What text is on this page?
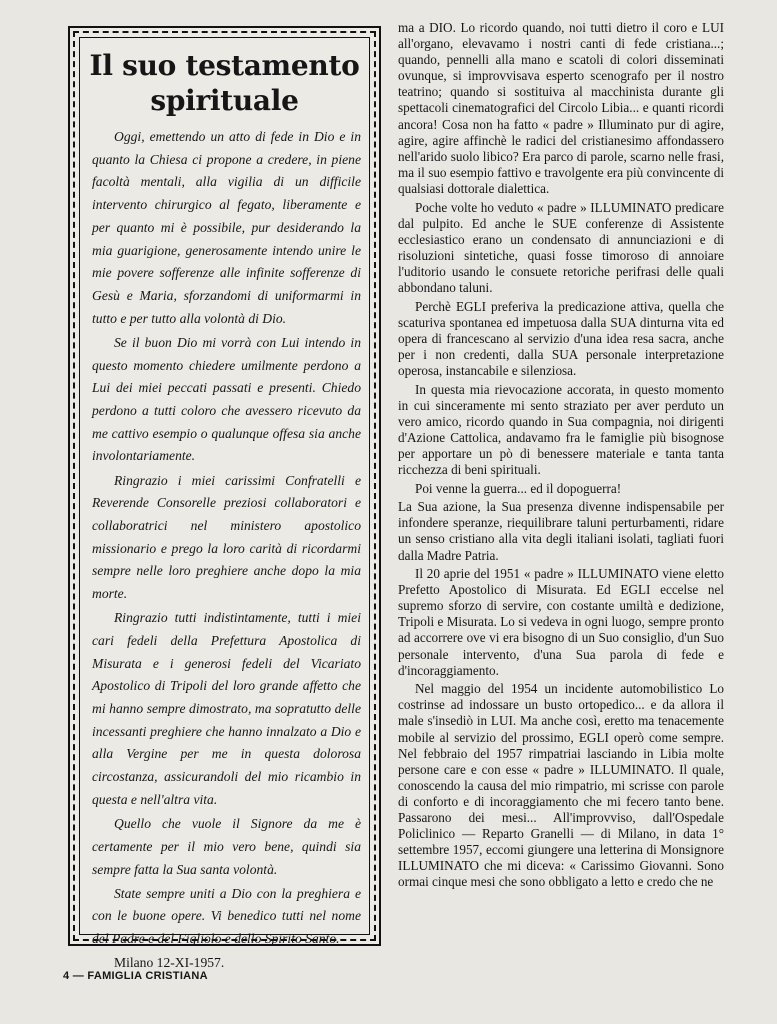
Il suo testamento spirituale

Oggi, emettendo un atto di fede in Dio e in quanto la Chiesa ci propone a credere, in piene facoltà mentali, alla vigilia di un difficile intervento chirurgico al fegato, liberamente e per quanto mi è possibile, pur desiderando la mia guarigione, generosamente intendo unire le mie povere sofferenze alle infinite sofferenze di Gesù e Maria, sforzandomi di uniformarmi in tutto e per tutto alla volontà di Dio.

Se il buon Dio mi vorrà con Lui intendo in questo momento chiedere umilmente perdono a Lui dei miei peccati passati e presenti. Chiedo perdono a tutti coloro che avessero ricevuto da me cattivo esempio o qualunque offesa sia anche involontariamente.

Ringrazio i miei carissimi Confratelli e Reverende Consorelle preziosi collaboratori e collaboratrici nel ministero apostolico missionario e prego la loro carità di ricordarmi sempre nelle loro preghiere anche dopo la mia morte.

Ringrazio tutti indistintamente, tutti i miei cari fedeli della Prefettura Apostolica di Misurata e i generosi fedeli del Vicariato Apostolico di Tripoli del loro grande affetto che mi hanno sempre dimostrato, ma sopratutto delle incessanti preghiere che hanno innalzato a Dio e alla Vergine per me in questa dolorosa circostanza, assicurandoli del mio ricambio in questa e nell'altra vita.

Quello che vuole il Signore da me è certamente per il mio vero bene, quindi sia sempre fatta la Sua santa volontà.

State sempre uniti a Dio con la preghiera e con le buone opere. Vi benedico tutti nel nome del Padre e del Figliolo e dello Spirito Santo.

Milano 12-XI-1957.

ma a DIO. Lo ricordo quando, noi tutti dietro il coro e LUI all'organo, elevavamo i nostri canti di fede cristiana...; quando, pennelli alla mano e scatoli di colori disseminati ovunque, si improvvisava esperto scenografo per il nostro teatrino; quando si sostituiva al macchinista durante gli spettacoli cinematografici del Circolo Libia... e quanti ricordi ancora! Cosa non ha fatto « padre » Illuminato pur di agire, agire, agire affinchè le radici del cristianesimo affondassero nell'arido suolo libico? Era parco di parole, scarno nelle frasi, ma il suo esempio fattivo e travolgente era più convincente di qualsiasi dottorale dialettica.

Poche volte ho veduto « padre » ILLUMINATO predicare dal pulpito. Ed anche le SUE conferenze di Assistente ecclesiastico erano un condensato di annunciazioni e di risoluzioni sintetiche, quasi fosse timoroso di annoiare l'uditorio usando le consuete retoriche perifrasi delle quali abbondano taluni.

Perchè EGLI preferiva la predicazione attiva, quella che scaturiva spontanea ed impetuosa dalla SUA dinturna vita ed opera di francescano al servizio d'una idea resa sacra, anche per i non credenti, dalla SUA personale interpretazione operosa, instancabile e silenziosa.

In questa mia rievocazione accorata, in questo momento in cui sinceramente mi sento straziato per aver perduto un vero amico, ricordo quando in Sua compagnia, noi dirigenti d'Azione Cattolica, andavamo fra le famiglie più bisognose per apportare un pò di benessere materiale e tanta tanta ricchezza di beni spirituali.

Poi venne la guerra... ed il dopoguerra!

La Sua azione, la Sua presenza divenne indispensabile per infondere speranze, riequilibrare taluni perturbamenti, ridare un senso cristiano alla vita degli italiani isolati, tagliati fuori dalla Madre Patria.

Il 20 aprie del 1951 « padre » ILLUMINATO viene eletto Prefetto Apostolico di Misurata. Ed EGLI eccelse nel supremo sforzo di servire, con costante umiltà e dedizione, Tripoli e Misurata. Lo si vedeva in ogni luogo, sempre pronto ad accorrere ove vi era bisogno di un Suo consiglio, d'un Suo personale intervento, d'una Sua parola di fede e d'incoraggiamento.

Nel maggio del 1954 un incidente automobilistico Lo costrinse ad indossare un busto ortopedico... e da allora il male s'insediò in LUI. Ma anche così, eretto ma tenacemente mobile al servizio del prossimo, EGLI operò come sempre. Nel febbraio del 1957 rimpatriai lasciando in Libia molte persone care e con esse « padre » ILLUMINATO. Il quale, conoscendo la causa del mio rimpatrio, mi scrisse con parole di conforto e di incoraggiamento che mi fecero tanto bene. Passarono dei mesi... All'improvviso, dall'Ospedale Policlinico — Reparto Granelli — di Milano, in data 1° settembre 1957, eccomi giungere una letterina di Monsignore ILLUMINATO che mi diceva: « Carissimo Giovanni. Sono ormai cinque mesi che sono obbligato a letto e credo che ne

4 — FAMIGLIA CRISTIANA
